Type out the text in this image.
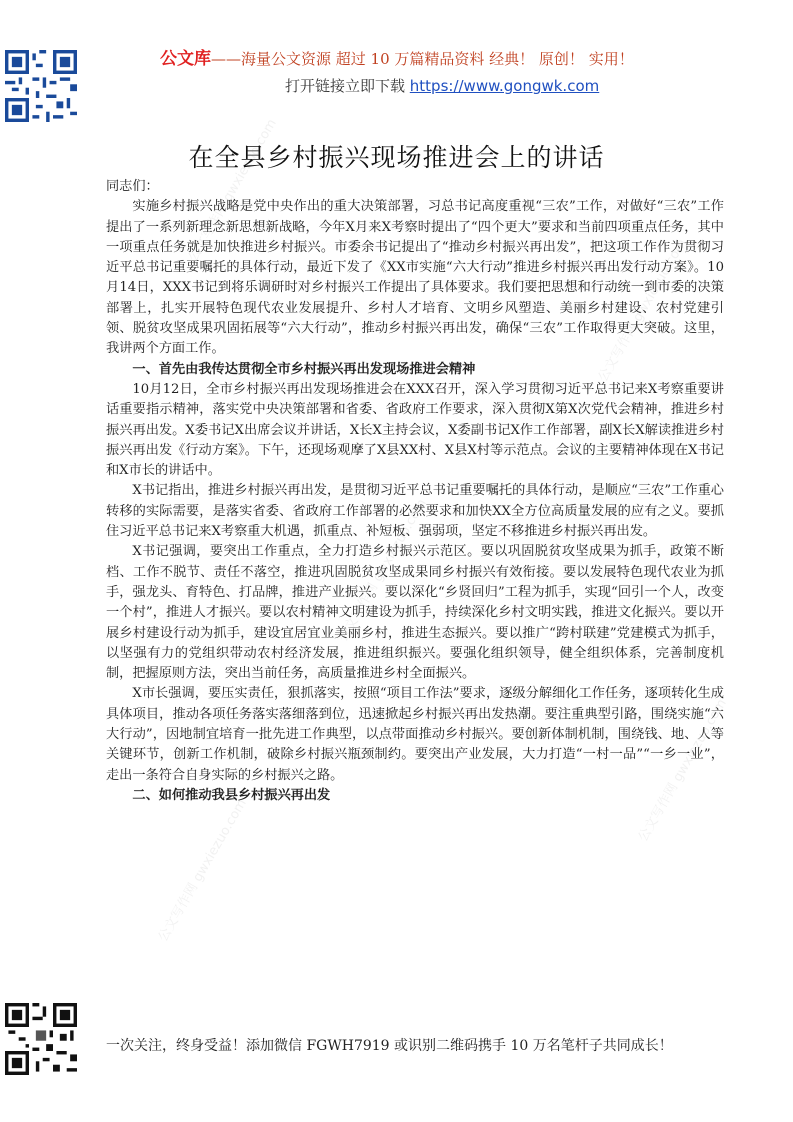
公文库——海量公文资源 超过 10 万篇精品资料 经典！ 原创！ 实用！
打开链接立即下载 https://www.gongwk.com
在全县乡村振兴现场推进会上的讲话

同志们：

实施乡村振兴战略是党中央作出的重大决策部署，习总书记高度重视“三农”工作，对做好“三农”工作提出了一系列新理念新思想新战略，今年X月来X考察时提出了“四个更大”要求和当前四项重点任务，其中一项重点任务就是加快推进乡村振兴。市委余书记提出了“推动乡村振兴再出发”，把这项工作作为贯彻习近平总书记重要嘱托的具体行动，最近下发了《XX市实施“六大行动”推进乡村振兴再出发行动方案》。10月14日，XXX书记到将乐调研时对乡村振兴工作提出了具体要求。我们要把思想和行动统一到市委的决策部署上，扎实开展特色现代农业发展提升、乡村人才培育、文明乡风塑造、美丽乡村建设、农村党建引领、脱贫攻坚成果巩固拓展等“六大行动”，推动乡村振兴再出发，确保“三农”工作取得更大突破。这里，我讲两个方面工作。

一、首先由我传达贯彻全市乡村振兴再出发现场推进会精神

10月12日，全市乡村振兴再出发现场推进会在XXX召开，深入学习贯彻习近平总书记来X考察重要讲话重要指示精神，落实党中央决策部署和省委、省政府工作要求，深入贯彻X第X次党代会精神，推进乡村振兴再出发。X委书记X出席会议并讲话，X长X主持会议，X委副书记X作工作部署，副X长X解读推进乡村振兴再出发《行动方案》。下午，还现场观摩了X县XX村、X县X村等示范点。会议的主要精神体现在X书记和X市长的讲话中。

X书记指出，推进乡村振兴再出发，是贯彻习近平总书记重要嘱托的具体行动，是顺应“三农”工作重心转移的实际需要，是落实省委、省政府工作部署的必然要求和加快XX全方位高质量发展的应有之义。要抓住习近平总书记来X考察重大机遇，抓重点、补短板、强弱项，坚定不移推进乡村振兴再出发。

X书记强调，要突出工作重点，全力打造乡村振兴示范区。要以巩固脱贫攻坚成果为抓手，政策不断档、工作不脱节、责任不落空，推进巩固脱贫攻坚成果同乡村振兴有效衔接。要以发展特色现代农业为抓手，强龙头、育特色、打品牌，推进产业振兴。要以深化“乡贤回归”工程为抓手，实现“回引一个人，改变一个村”，推进人才振兴。要以农村精神文明建设为抓手，持续深化乡村文明实践，推进文化振兴。要以开展乡村建设行动为抓手，建设宜居宜业美丽乡村，推进生态振兴。要以推广“跨村联建”党建模式为抓手，以坚强有力的党组织带动农村经济发展，推进组织振兴。要强化组织领导，健全组织体系，完善制度机制，把握原则方法，突出当前任务，高质量推进乡村全面振兴。

X市长强调，要压实责任，狠抓落实，按照“项目工作法”要求，逐级分解细化工作任务，逐项转化生成具体项目，推动各项任务落实落细落到位，迅速掀起乡村振兴再出发热潮。要注重典型引路，围绕实施“六大行动”，因地制宜培育一批先进工作典型，以点带面推动乡村振兴。要创新体制机制，围绕钱、地、人等关键环节，创新工作机制，破除乡村振兴瓶颈制约。要突出产业发展，大力打造“一村一品”“一乡一业”，走出一条符合自身实际的乡村振兴之路。

二、如何推动我县乡村振兴再出发

一次关注，终身受益！添加微信 FGWH7919 或识别二维码携手 10 万名笔杆子共同成长！
公文写作网 gwxiezuo.com
公文写作网 gwxiezuo.com
公文写作网 gwxiezuo.com
公文写作网 gwxiezuo.com
公文写作网 gwxiezuo.com
